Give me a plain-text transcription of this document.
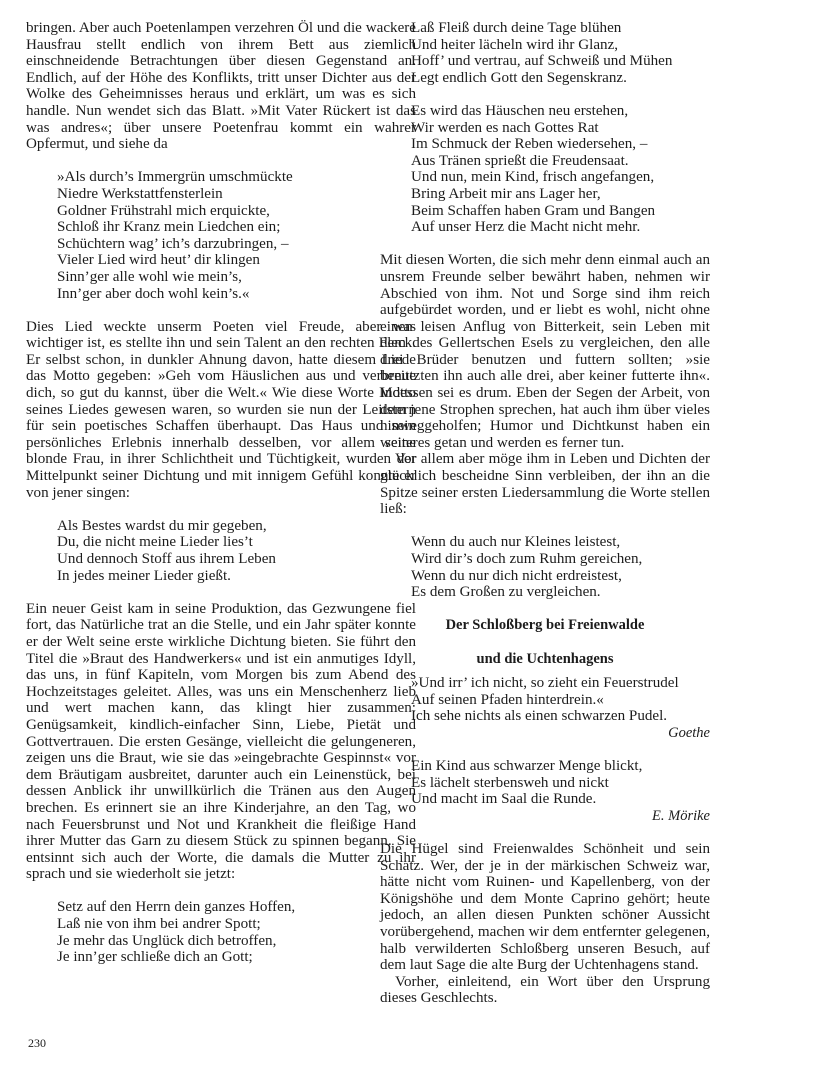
bringen. Aber auch Poetenlampen verzehren Öl und die wackere Hausfrau stellt endlich von ihrem Bett aus ziemlich einschneidende Betrachtungen über diesen Gegenstand an. Endlich, auf der Höhe des Konflikts, tritt unser Dichter aus der Wolke des Geheimnisses heraus und erklärt, um was es sich handle. Nun wendet sich das Blatt. »Mit Vater Rückert ist das was andres«; über unsere Poetenfrau kommt ein wahrer Opfermut, und siehe da

»Als durch’s Immergrün umschmückte
Niedre Werkstattfensterlein
Goldner Frühstrahl mich erquickte,
Schloß ihr Kranz mein Liedchen ein;
Schüchtern wag’ ich’s darzubringen, –
Vieler Lied wird heut’ dir klingen
Sinn’ger alle wohl wie mein’s,
Inn’ger aber doch wohl kein’s.«

Dies Lied weckte unserm Poeten viel Freude, aber was wichtiger ist, es stellte ihn und sein Talent an den rechten Fleck. Er selbst schon, in dunkler Ahnung davon, hatte diesem Liede das Motto gegeben: »Geh vom Häuslichen aus und verbreite dich, so gut du kannst, über die Welt.« Wie diese Worte Motto seines Liedes gewesen waren, so wurden sie nun der Leitstern für sein poetisches Schaffen überhaupt. Das Haus und sein persönliches Erlebnis innerhalb desselben, vor allem seine blonde Frau, in ihrer Schlichtheit und Tüchtigkeit, wurden der Mittelpunkt seiner Dichtung und mit innigem Gefühl konnte er von jener singen:

Als Bestes wardst du mir gegeben,
Du, die nicht meine Lieder lies’t
Und dennoch Stoff aus ihrem Leben
In jedes meiner Lieder gießt.

Ein neuer Geist kam in seine Produktion, das Gezwungene fiel fort, das Natürliche trat an die Stelle, und ein Jahr später konnte er der Welt seine erste wirkliche Dichtung bieten. Sie führt den Titel die »Braut des Handwerkers« und ist ein anmutiges Idyll, das uns, in fünf Kapiteln, vom Morgen bis zum Abend des Hochzeitstages geleitet. Alles, was uns ein Menschenherz lieb und wert machen kann, das klingt hier zusammen: Genügsamkeit, kindlich-einfacher Sinn, Liebe, Pietät und Gottvertrauen. Die ersten Gesänge, vielleicht die gelungeneren, zeigen uns die Braut, wie sie das »eingebrachte Gespinnst« vor dem Bräutigam ausbreitet, darunter auch ein Leinenstück, bei dessen Anblick ihr unwillkürlich die Tränen aus den Augen brechen. Es erinnert sie an ihre Kinderjahre, an den Tag, wo nach Feuersbrunst und Not und Krankheit die fleißige Hand ihrer Mutter das Garn zu diesem Stück zu spinnen begann. Sie entsinnt sich auch der Worte, die damals die Mutter zu ihr sprach und sie wiederholt sie jetzt:

Setz auf den Herrn dein ganzes Hoffen,
Laß nie von ihm bei andrer Spott;
Je mehr das Unglück dich betroffen,
Je inn’ger schließe dich an Gott;
Laß Fleiß durch deine Tage blühen
Und heiter lächeln wird ihr Glanz,
Hoff’ und vertrau, auf Schweiß und Mühen
Legt endlich Gott den Segenskranz.
Es wird das Häuschen neu erstehen,
Wir werden es nach Gottes Rat
Im Schmuck der Reben wiedersehen, –
Aus Tränen sprießt die Freudensaat.
Und nun, mein Kind, frisch angefangen,
Bring Arbeit mir ans Lager her,
Beim Schaffen haben Gram und Bangen
Auf unser Herz die Macht nicht mehr.

Mit diesen Worten, die sich mehr denn einmal auch an unsrem Freunde selber bewährt haben, nehmen wir Abschied von ihm. Not und Sorge sind ihm reich aufgebürdet worden, und er liebt es wohl, nicht ohne einen leisen Anflug von Bitterkeit, sein Leben mit dem des Gellertschen Esels zu vergleichen, den alle drei Brüder benutzen und futtern sollten; »sie benutzten ihn auch alle drei, aber keiner futterte ihn«. Indessen sei es drum. Eben der Segen der Arbeit, von dem jene Strophen sprechen, hat auch ihm über vieles hinweggeholfen; Humor und Dichtkunst haben ein weiteres getan und werden es ferner tun.

Vor allem aber möge ihm in Leben und Dichten der glücklich bescheidne Sinn verbleiben, der ihn an die Spitze seiner ersten Liedersammlung die Worte stellen ließ:

Wenn du auch nur Kleines leistest,
Wird dir’s doch zum Ruhm gereichen,
Wenn du nur dich nicht erdreistest,
Es dem Großen zu vergleichen.

Der Schloßberg bei Freienwalde

und die Uchtenhagens

»Und irr’ ich nicht, so zieht ein Feuerstrudel
Auf seinen Pfaden hinterdrein.«
Ich sehe nichts als einen schwarzen Pudel.

Goethe

Ein Kind aus schwarzer Menge blickt,
Es lächelt sterbensweh und nickt
Und macht im Saal die Runde.

E. Mörike

Die Hügel sind Freienwaldes Schönheit und sein Schatz. Wer, der je in der märkischen Schweiz war, hätte nicht vom Ruinen- und Kapellenberg, von der Königshöhe und dem Monte Caprino gehört; heute jedoch, an allen diesen Punkten schöner Aussicht vorübergehend, machen wir dem entfernter gelegenen, halb verwilderten Schloßberg unseren Besuch, auf dem laut Sage die alte Burg der Uchtenhagens stand.

Vorher, einleitend, ein Wort über den Ursprung dieses Geschlechts.

230
